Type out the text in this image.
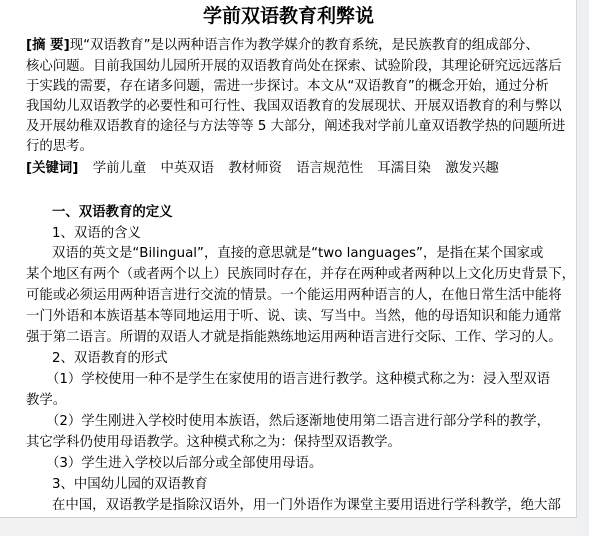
学前双语教育利弊说
[摘 要]现“双语教育”是以两种语言作为教学媒介的教育系统，是民族教育的组成部分、
核心问题。目前我国幼儿园所开展的双语教育尚处在探索、试验阶段，其理论研究远远落后
于实践的需要，存在诸多问题，需进一步探讨。本文从“双语教育”的概念开始，通过分析
我国幼儿双语教学的必要性和可行性、我国双语教育的发展现状、开展双语教育的利与弊以
及开展幼稚双语教育的途径与方法等等 5 大部分，阐述我对学前儿童双语教学热的问题所进
行的思考。
[关键词] 学前儿童 中英双语 教材师资 语言规范性 耳濡目染 激发兴趣
一、双语教育的定义
1、双语的含义
双语的英文是“Bilingual”，直接的意思就是“two languages”，是指在某个国家或
某个地区有两个（或者两个以上）民族同时存在，并存在两种或者两种以上文化历史背景下，
可能或必须运用两种语言进行交流的情景。一个能运用两种语言的人，在他日常生活中能将
一门外语和本族语基本等同地运用于听、说、读、写当中。当然，他的母语知识和能力通常
强于第二语言。所谓的双语人才就是指能熟练地运用两种语言进行交际、工作、学习的人。
2、双语教育的形式
（1）学校使用一种不是学生在家使用的语言进行教学。这种模式称之为：浸入型双语
教学。
（2）学生刚进入学校时使用本族语，然后逐渐地使用第二语言进行部分学科的教学，
其它学科仍使用母语教学。这种模式称之为：保持型双语教学。
（3）学生进入学校以后部分或全部使用母语。
3、中国幼儿园的双语教育
在中国，双语教学是指除汉语外，用一门外语作为课堂主要用语进行学科教学，绝大部
